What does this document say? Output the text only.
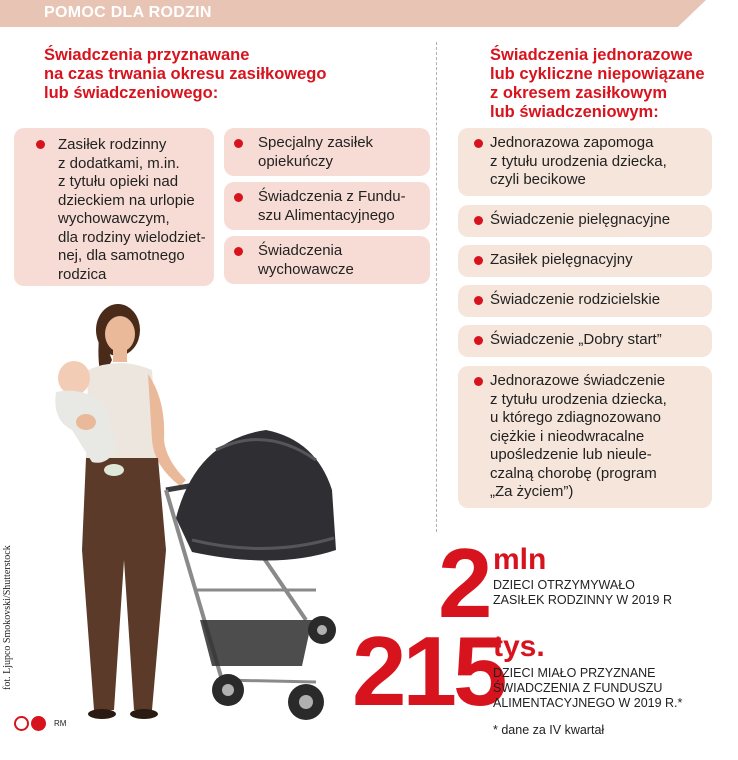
POMOC DLA RODZIN
Świadczenia przyznawane
na czas trwania okresu zasiłkowego
lub świadczeniowego:
Świadczenia jednorazowe
lub cykliczne niepowiązane
z okresem zasiłkowym
lub świadczeniowym:
Zasiłek rodzinny
z dodatkami, m.in.
z tytułu opieki nad
dzieckiem na urlopie
wychowawczym,
dla rodziny wielodziet-
nej, dla samotnego
rodzica
Specjalny zasiłek
opiekuńczy
Świadczenia z Fundu-
szu Alimentacyjnego
Świadczenia
wychowawcze
Jednorazowa zapomoga
z tytułu urodzenia dziecka,
czyli becikowe
Świadczenie pielęgnacyjne
Zasiłek pielęgnacyjny
Świadczenie rodzicielskie
Świadczenie „Dobry start”
Jednorazowe świadczenie
z tytułu urodzenia dziecka,
u którego zdiagnozowano
ciężkie i nieodwracalne
upośledzenie lub nieule-
czalną chorobę (program
„Za życiem”)
2 mln
DZIECI OTRZYMYWAŁO
ZASIŁEK RODZINNY W 2019 R
215
tys.
DZIECI MIAŁO PRZYZNANE
ŚWIADCZENIA Z FUNDUSZU
ALIMENTACYJNEGO W 2019 R.*
* dane za IV kwartał
fot. Ljupco Smokovski/Shutterstock
RM
